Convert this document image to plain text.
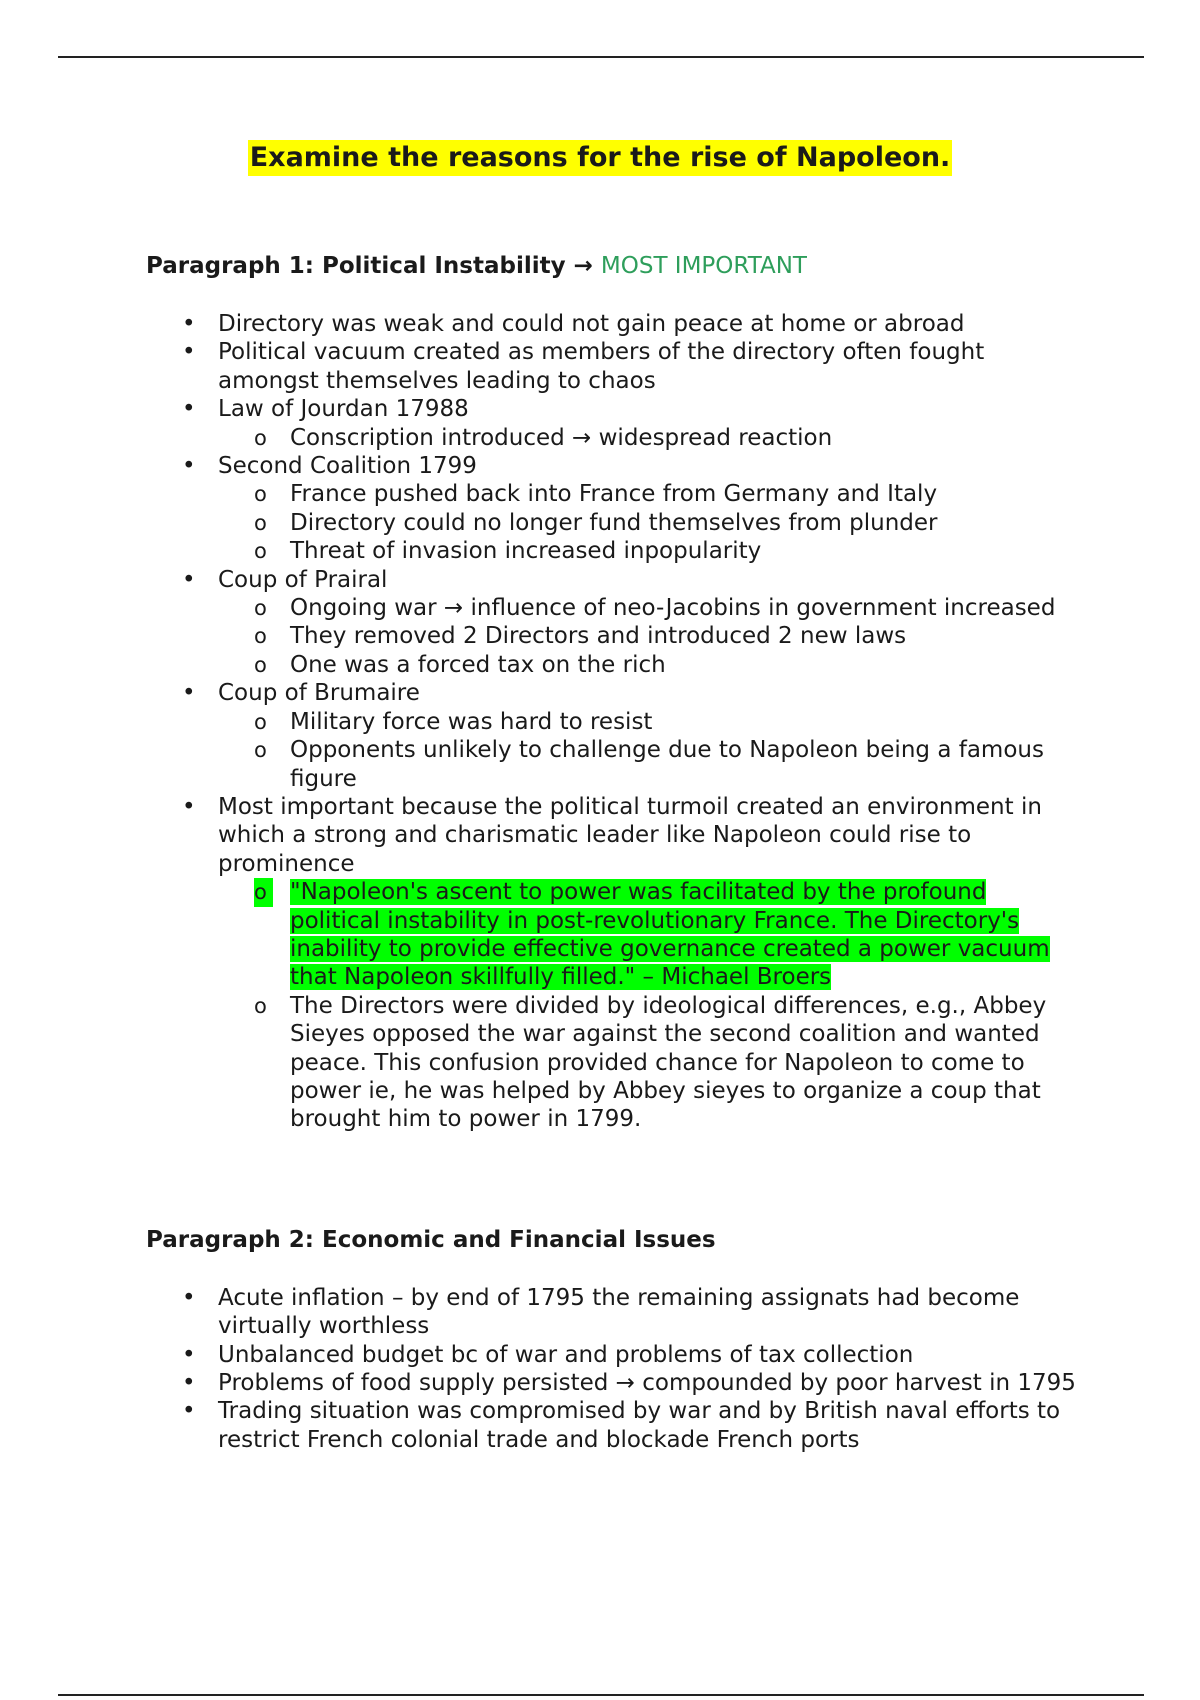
Examine the reasons for the rise of Napoleon.
Paragraph 1: Political Instability → MOST IMPORTANT
• Directory was weak and could not gain peace at home or abroad
• Political vacuum created as members of the directory often fought amongst themselves leading to chaos
• Law of Jourdan 17988
o Conscription introduced → widespread reaction
• Second Coalition 1799
o France pushed back into France from Germany and Italy
o Directory could no longer fund themselves from plunder
o Threat of invasion increased inpopularity
• Coup of Prairal
o Ongoing war → influence of neo-Jacobins in government increased
o They removed 2 Directors and introduced 2 new laws
o One was a forced tax on the rich
• Coup of Brumaire
o Military force was hard to resist
o Opponents unlikely to challenge due to Napoleon being a famous figure
• Most important because the political turmoil created an environment in which a strong and charismatic leader like Napoleon could rise to prominence
o "Napoleon's ascent to power was facilitated by the profound political instability in post-revolutionary France. The Directory's inability to provide effective governance created a power vacuum that Napoleon skillfully filled." – Michael Broers
o The Directors were divided by ideological differences, e.g., Abbey Sieyes opposed the war against the second coalition and wanted peace. This confusion provided chance for Napoleon to come to power ie, he was helped by Abbey sieyes to organize a coup that brought him to power in 1799.
Paragraph 2: Economic and Financial Issues
• Acute inflation – by end of 1795 the remaining assignats had become virtually worthless
• Unbalanced budget bc of war and problems of tax collection
• Problems of food supply persisted → compounded by poor harvest in 1795
• Trading situation was compromised by war and by British naval efforts to restrict French colonial trade and blockade French ports
